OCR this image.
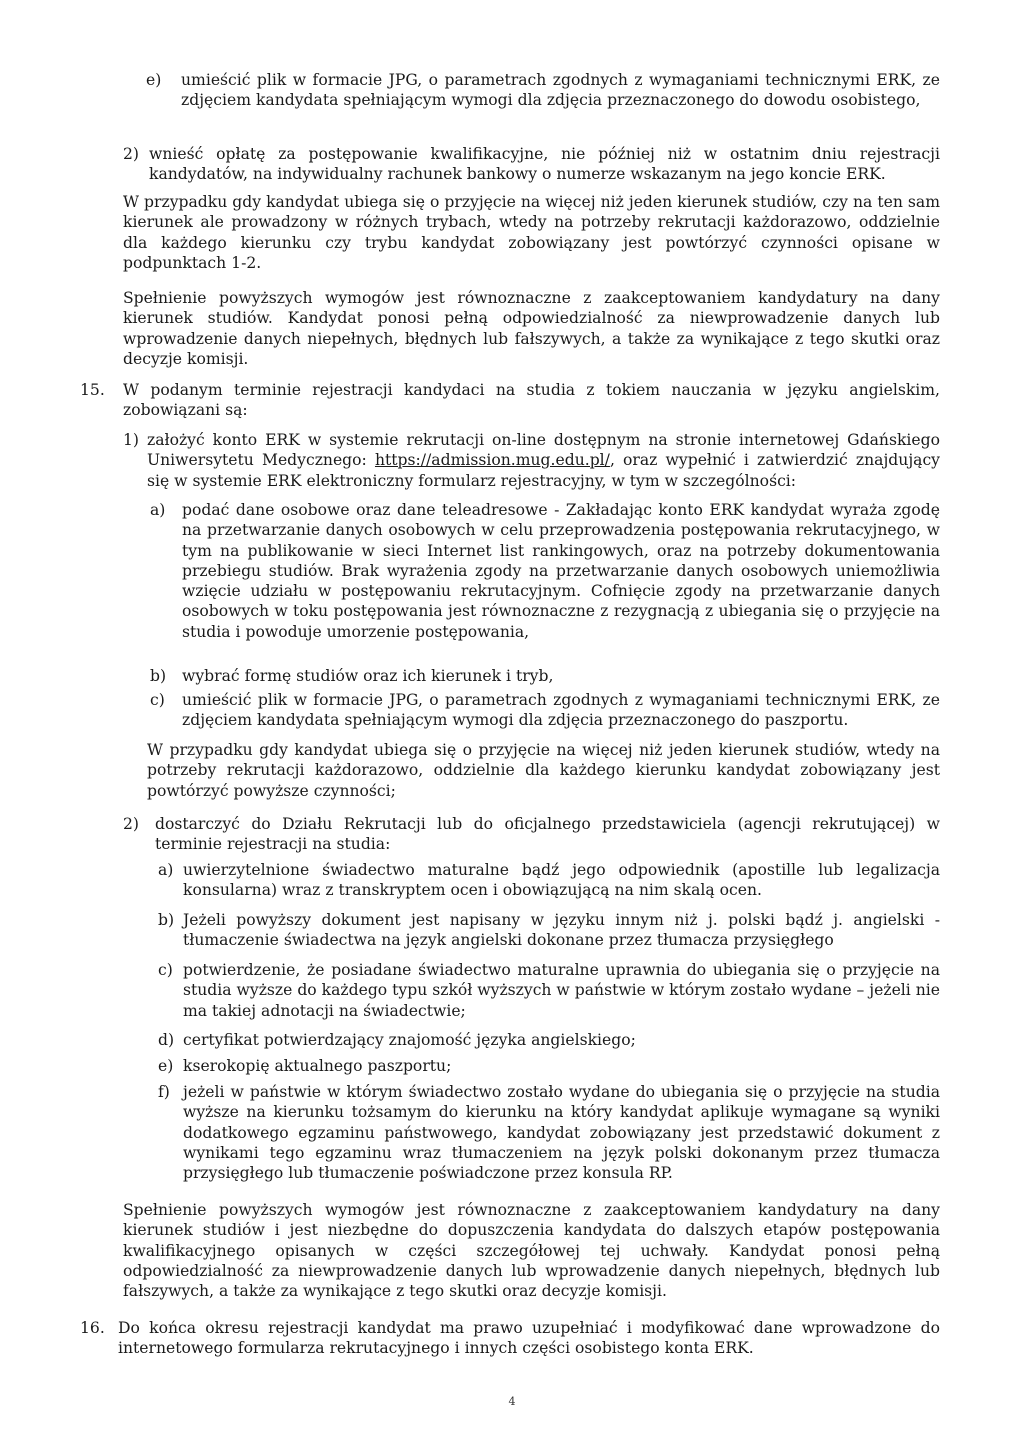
e) umieścić plik w formacie JPG, o parametrach zgodnych z wymaganiami technicznymi ERK, ze zdjęciem kandydata spełniającym wymogi dla zdjęcia przeznaczonego do dowodu osobistego,

2) wnieść opłatę za postępowanie kwalifikacyjne, nie później niż w ostatnim dniu rejestracji kandydatów, na indywidualny rachunek bankowy o numerze wskazanym na jego koncie ERK.

W przypadku gdy kandydat ubiega się o przyjęcie na więcej niż jeden kierunek studiów, czy na ten sam kierunek ale prowadzony w różnych trybach, wtedy na potrzeby rekrutacji każdorazowo, oddzielnie dla każdego kierunku czy trybu kandydat zobowiązany jest powtórzyć czynności opisane w podpunktach 1-2.

Spełnienie powyższych wymogów jest równoznaczne z zaakceptowaniem kandydatury na dany kierunek studiów. Kandydat ponosi pełną odpowiedzialność za niewprowadzenie danych lub wprowadzenie danych niepełnych, błędnych lub fałszywych, a także za wynikające z tego skutki oraz decyzje komisji.

15. W podanym terminie rejestracji kandydaci na studia z tokiem nauczania w języku angielskim, zobowiązani są:

1) założyć konto ERK w systemie rekrutacji on-line dostępnym na stronie internetowej Gdańskiego Uniwersytetu Medycznego: https://admission.mug.edu.pl/, oraz wypełnić i zatwierdzić znajdujący się w systemie ERK elektroniczny formularz rejestracyjny, w tym w szczególności:

a) podać dane osobowe oraz dane teleadresowe - Zakładając konto ERK kandydat wyraża zgodę na przetwarzanie danych osobowych w celu przeprowadzenia postępowania rekrutacyjnego, w tym na publikowanie w sieci Internet list rankingowych, oraz na potrzeby dokumentowania przebiegu studiów. Brak wyrażenia zgody na przetwarzanie danych osobowych uniemożliwia wzięcie udziału w postępowaniu rekrutacyjnym. Cofnięcie zgody na przetwarzanie danych osobowych w toku postępowania jest równoznaczne z rezygnacją z ubiegania się o przyjęcie na studia i powoduje umorzenie postępowania,

b) wybrać formę studiów oraz ich kierunek i tryb,

c) umieścić plik w formacie JPG, o parametrach zgodnych z wymaganiami technicznymi ERK, ze zdjęciem kandydata spełniającym wymogi dla zdjęcia przeznaczonego do paszportu.

W przypadku gdy kandydat ubiega się o przyjęcie na więcej niż jeden kierunek studiów, wtedy na potrzeby rekrutacji każdorazowo, oddzielnie dla każdego kierunku kandydat zobowiązany jest powtórzyć powyższe czynności;

2) dostarczyć do Działu Rekrutacji lub do oficjalnego przedstawiciela (agencji rekrutującej) w terminie rejestracji na studia:

a) uwierzytelnione świadectwo maturalne bądź jego odpowiednik (apostille lub legalizacja konsularna) wraz z transkryptem ocen i obowiązującą na nim skalą ocen.

b) Jeżeli powyższy dokument jest napisany w języku innym niż j. polski bądź j. angielski - tłumaczenie świadectwa na język angielski dokonane przez tłumacza przysięgłego

c) potwierdzenie, że posiadane świadectwo maturalne uprawnia do ubiegania się o przyjęcie na studia wyższe do każdego typu szkół wyższych w państwie w którym zostało wydane – jeżeli nie ma takiej adnotacji na świadectwie;

d) certyfikat potwierdzający znajomość języka angielskiego;

e) kserokopię aktualnego paszportu;

f) jeżeli w państwie w którym świadectwo zostało wydane do ubiegania się o przyjęcie na studia wyższe na kierunku tożsamym do kierunku na który kandydat aplikuje wymagane są wyniki dodatkowego egzaminu państwowego, kandydat zobowiązany jest przedstawić dokument z wynikami tego egzaminu wraz tłumaczeniem na język polski dokonanym przez tłumacza przysięgłego lub tłumaczenie poświadczone przez konsula RP.

Spełnienie powyższych wymogów jest równoznaczne z zaakceptowaniem kandydatury na dany kierunek studiów i jest niezbędne do dopuszczenia kandydata do dalszych etapów postępowania kwalifikacyjnego opisanych w części szczegółowej tej uchwały. Kandydat ponosi pełną odpowiedzialność za niewprowadzenie danych lub wprowadzenie danych niepełnych, błędnych lub fałszywych, a także za wynikające z tego skutki oraz decyzje komisji.

16. Do końca okresu rejestracji kandydat ma prawo uzupełniać i modyfikować dane wprowadzone do internetowego formularza rekrutacyjnego i innych części osobistego konta ERK.

4
